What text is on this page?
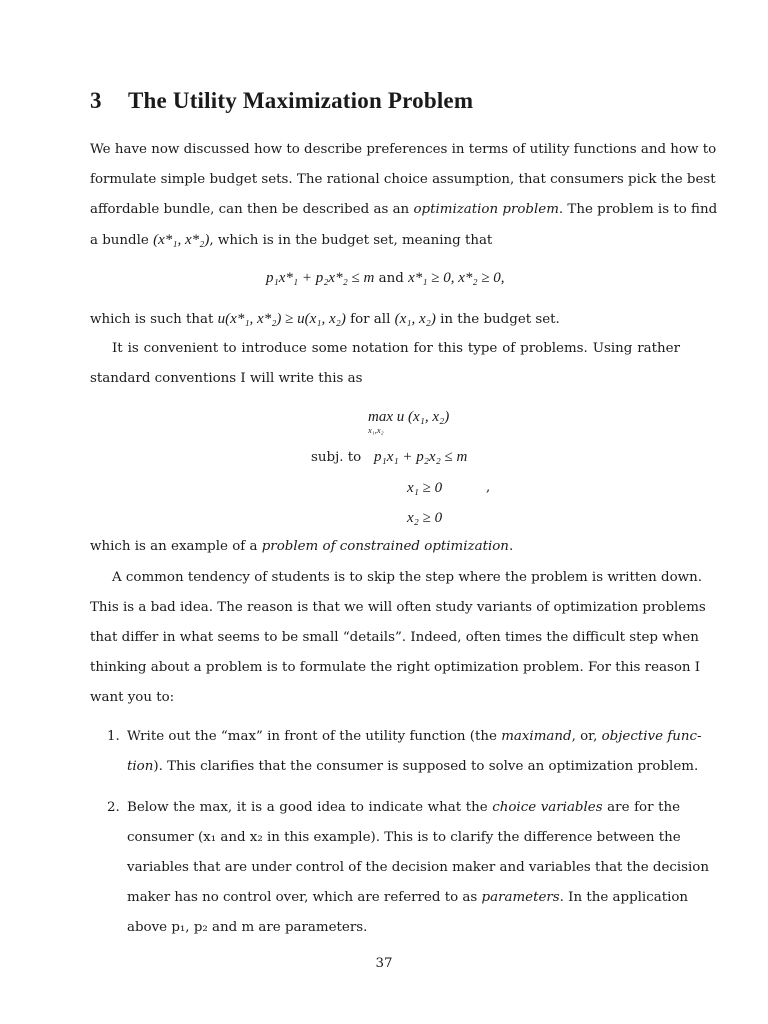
3 The Utility Maximization Problem
We have now discussed how to describe preferences in terms of utility functions and how to
formulate simple budget sets. The rational choice assumption, that consumers pick the best
affordable bundle, can then be described as an optimization problem. The problem is to find
a bundle (x*₁, x*₂), which is in the budget set, meaning that
p₁x*₁ + p₂x*₂ ≤ m and x*₁ ≥ 0, x*₂ ≥ 0,
which is such that u(x*₁, x*₂) ≥ u(x₁, x₂) for all (x₁, x₂) in the budget set.
It is convenient to introduce some notation for this type of problems. Using rather
standard conventions I will write this as
max u (x₁, x₂)
x₁,x₂
subj. to p₁x₁ + p₂x₂ ≤ m
x₁ ≥ 0	,
x₂ ≥ 0
which is an example of a problem of constrained optimization.
A common tendency of students is to skip the step where the problem is written down.
This is a bad idea. The reason is that we will often study variants of optimization problems
that differ in what seems to be small “details”. Indeed, often times the difficult step when
thinking about a problem is to formulate the right optimization problem. For this reason I
want you to:
1. Write out the “max” in front of the utility function (the maximand, or, objective func-
tion). This clarifies that the consumer is supposed to solve an optimization problem.
2. Below the max, it is a good idea to indicate what the choice variables are for the
consumer (x₁ and x₂ in this example). This is to clarify the difference between the
variables that are under control of the decision maker and variables that the decision
maker has no control over, which are referred to as parameters. In the application
above p₁, p₂ and m are parameters.
37
